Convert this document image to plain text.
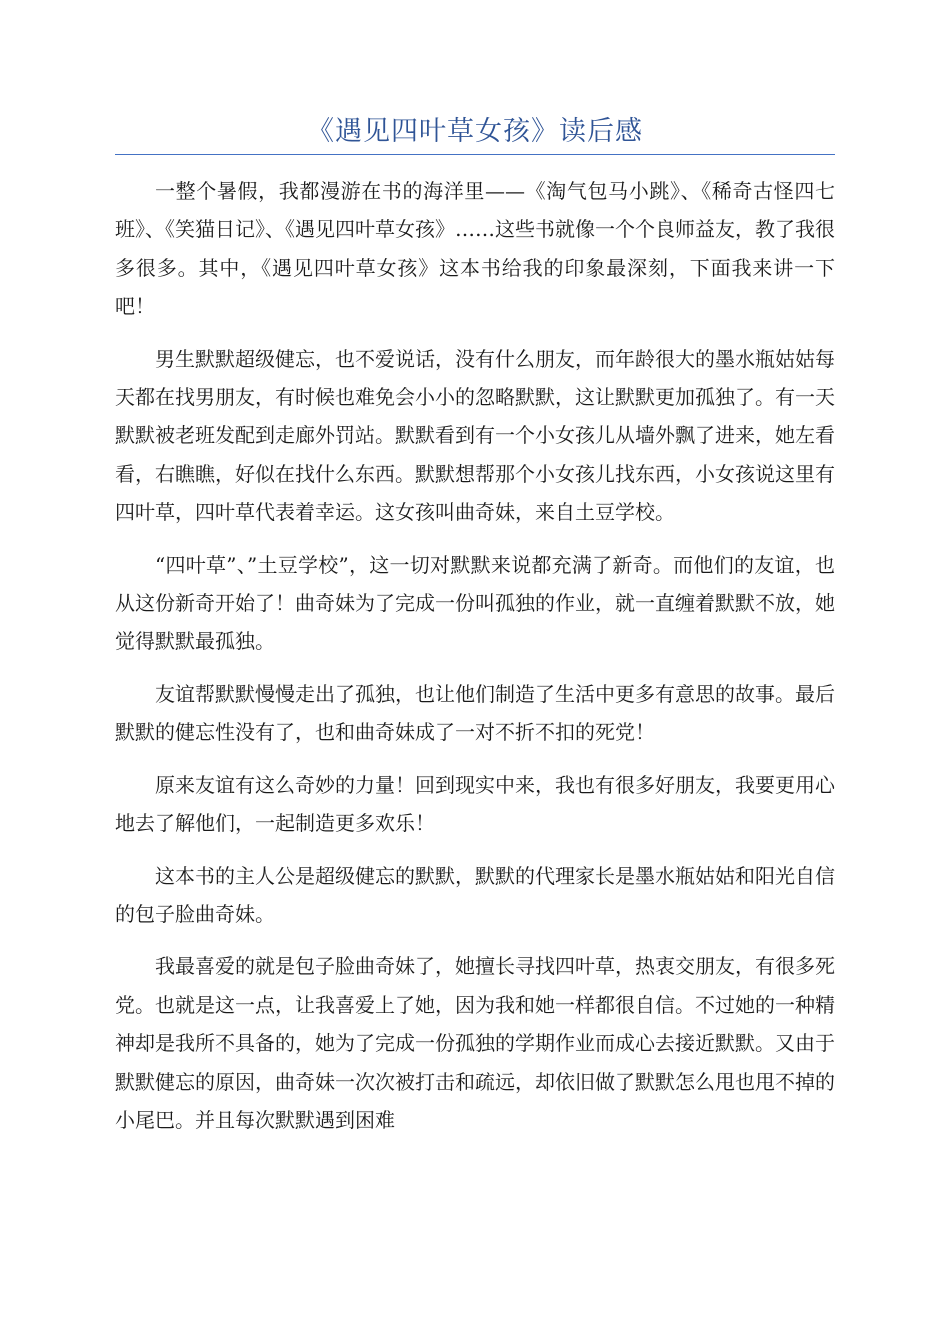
《遇见四叶草女孩》读后感

一整个暑假，我都漫游在书的海洋里——《淘气包马小跳》、《稀奇古怪四七班》、《笑猫日记》、《遇见四叶草女孩》……这些书就像一个个良师益友，教了我很多很多。其中，《遇见四叶草女孩》这本书给我的印象最深刻，下面我来讲一下吧！

男生默默超级健忘，也不爱说话，没有什么朋友，而年龄很大的墨水瓶姑姑每天都在找男朋友，有时候也难免会小小的忽略默默，这让默默更加孤独了。有一天默默被老班发配到走廊外罚站。默默看到有一个小女孩儿从墙外飘了进来，她左看看，右瞧瞧，好似在找什么东西。默默想帮那个小女孩儿找东西，小女孩说这里有四叶草，四叶草代表着幸运。这女孩叫曲奇妹，来自土豆学校。

“四叶草”、”土豆学校”，这一切对默默来说都充满了新奇。而他们的友谊，也从这份新奇开始了！曲奇妹为了完成一份叫孤独的作业，就一直缠着默默不放，她觉得默默最孤独。

友谊帮默默慢慢走出了孤独，也让他们制造了生活中更多有意思的故事。最后默默的健忘性没有了，也和曲奇妹成了一对不折不扣的死党！

原来友谊有这么奇妙的力量！回到现实中来，我也有很多好朋友，我要更用心地去了解他们，一起制造更多欢乐！

这本书的主人公是超级健忘的默默，默默的代理家长是墨水瓶姑姑和阳光自信的包子脸曲奇妹。

我最喜爱的就是包子脸曲奇妹了，她擅长寻找四叶草，热衷交朋友，有很多死党。也就是这一点，让我喜爱上了她，因为我和她一样都很自信。不过她的一种精神却是我所不具备的，她为了完成一份孤独的学期作业而成心去接近默默。又由于默默健忘的原因，曲奇妹一次次被打击和疏远，却依旧做了默默怎么甩也甩不掉的小尾巴。并且每次默默遇到困难
